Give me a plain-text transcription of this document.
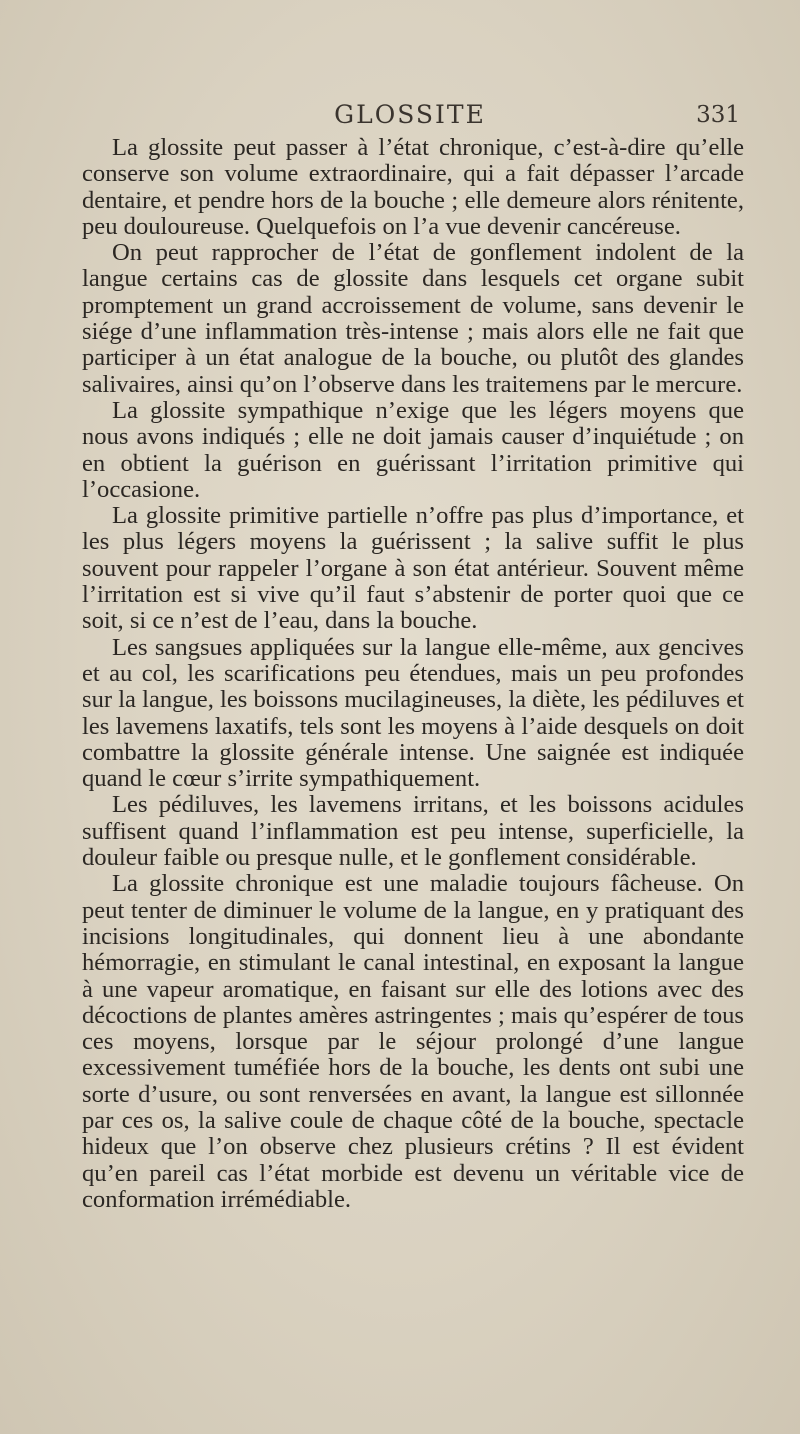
GLOSSITE	331

La glossite peut passer à l’état chronique, c’est-à-dire qu’elle conserve son volume extraordinaire, qui a fait dépasser l’arcade dentaire, et pendre hors de la bouche ; elle demeure alors rénitente, peu douloureuse. Quelquefois on l’a vue devenir cancéreuse.

On peut rapprocher de l’état de gonflement indolent de la langue certains cas de glossite dans lesquels cet organe subit promptement un grand accroissement de volume, sans devenir le siége d’une inflammation très-intense ; mais alors elle ne fait que participer à un état analogue de la bouche, ou plutôt des glandes salivaires, ainsi qu’on l’observe dans les traitemens par le mercure.

La glossite sympathique n’exige que les légers moyens que nous avons indiqués ; elle ne doit jamais causer d’inquiétude ; on en obtient la guérison en guérissant l’irritation primitive qui l’occasione.

La glossite primitive partielle n’offre pas plus d’importance, et les plus légers moyens la guérissent ; la salive suffit le plus souvent pour rappeler l’organe à son état antérieur. Souvent même l’irritation est si vive qu’il faut s’abstenir de porter quoi que ce soit, si ce n’est de l’eau, dans la bouche.

Les sangsues appliquées sur la langue elle-même, aux gencives et au col, les scarifications peu étendues, mais un peu profondes sur la langue, les boissons mucilagineuses, la diète, les pédiluves et les lavemens laxatifs, tels sont les moyens à l’aide desquels on doit combattre la glossite générale intense. Une saignée est indiquée quand le cœur s’irrite sympathiquement.

Les pédiluves, les lavemens irritans, et les boissons acidules suffisent quand l’inflammation est peu intense, superficielle, la douleur faible ou presque nulle, et le gonflement considérable.

La glossite chronique est une maladie toujours fâcheuse. On peut tenter de diminuer le volume de la langue, en y pratiquant des incisions longitudinales, qui donnent lieu à une abondante hémorragie, en stimulant le canal intestinal, en exposant la langue à une vapeur aromatique, en faisant sur elle des lotions avec des décoctions de plantes amères astringentes ; mais qu’espérer de tous ces moyens, lorsque par le séjour prolongé d’une langue excessivement tuméfiée hors de la bouche, les dents ont subi une sorte d’usure, ou sont renversées en avant, la langue est sillonnée par ces os, la salive coule de chaque côté de la bouche, spectacle hideux que l’on observe chez plusieurs crétins ? Il est évident qu’en pareil cas l’état morbide est devenu un véritable vice de conformation irrémédiable.
